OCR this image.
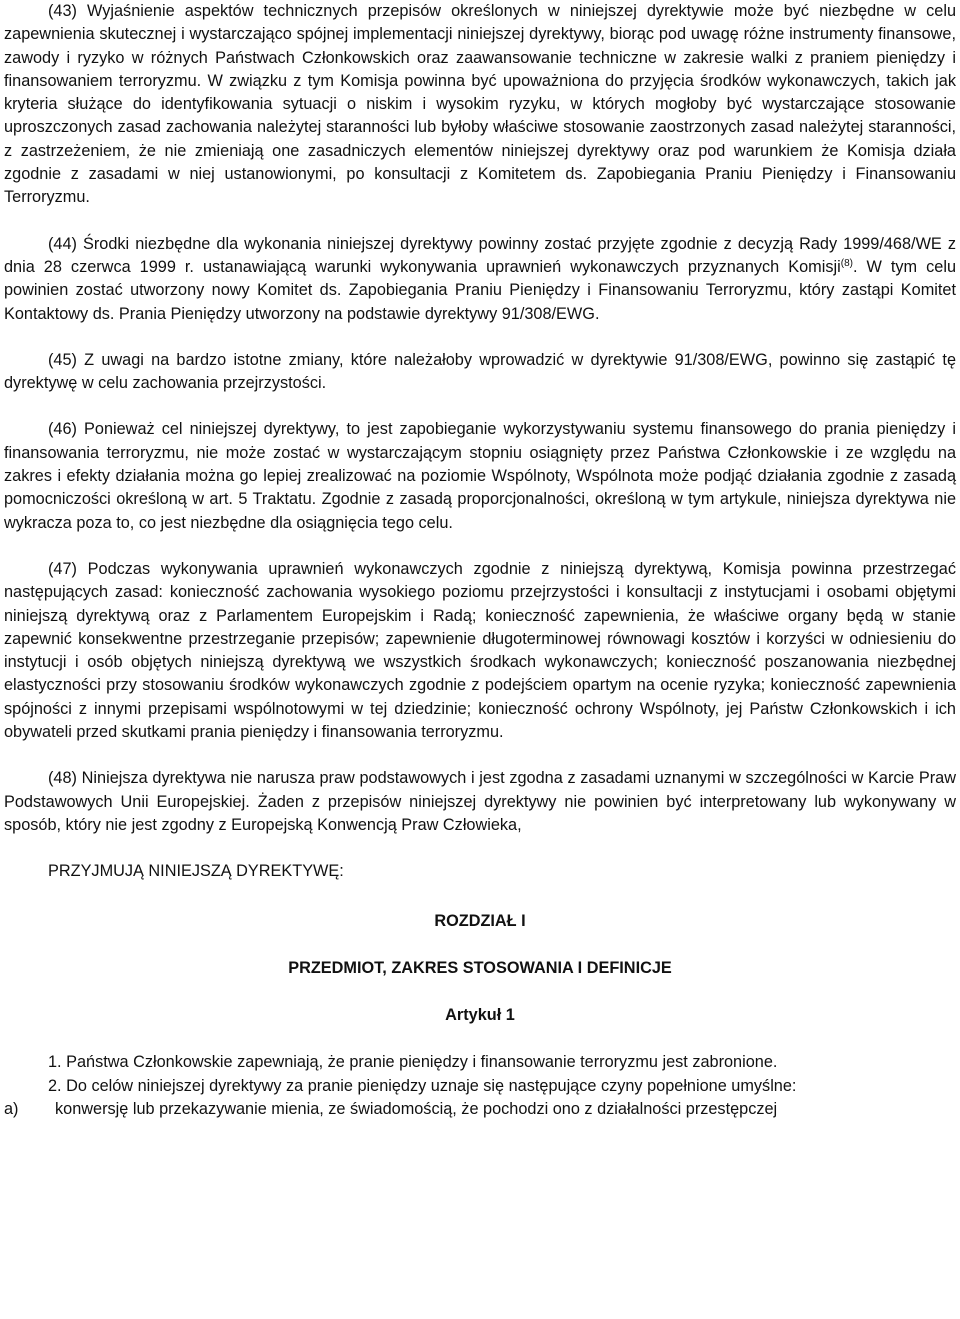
(43) Wyjaśnienie aspektów technicznych przepisów określonych w niniejszej dyrektywie może być niezbędne w celu zapewnienia skutecznej i wystarczająco spójnej implementacji niniejszej dyrektywy, biorąc pod uwagę różne instrumenty finansowe, zawody i ryzyko w różnych Państwach Członkowskich oraz zaawansowanie techniczne w zakresie walki z praniem pieniędzy i finansowaniem terroryzmu. W związku z tym Komisja powinna być upoważniona do przyjęcia środków wykonawczych, takich jak kryteria służące do identyfikowania sytuacji o niskim i wysokim ryzyku, w których mogłoby być wystarczające stosowanie uproszczonych zasad zachowania należytej staranności lub byłoby właściwe stosowanie zaostrzonych zasad należytej staranności, z zastrzeżeniem, że nie zmieniają one zasadniczych elementów niniejszej dyrektywy oraz pod warunkiem że Komisja działa zgodnie z zasadami w niej ustanowionymi, po konsultacji z Komitetem ds. Zapobiegania Praniu Pieniędzy i Finansowaniu Terroryzmu.

(44) Środki niezbędne dla wykonania niniejszej dyrektywy powinny zostać przyjęte zgodnie z decyzją Rady 1999/468/WE z dnia 28 czerwca 1999 r. ustanawiającą warunki wykonywania uprawnień wykonawczych przyznanych Komisji$^{(8)}$. W tym celu powinien zostać utworzony nowy Komitet ds. Zapobiegania Praniu Pieniędzy i Finansowaniu Terroryzmu, który zastąpi Komitet Kontaktowy ds. Prania Pieniędzy utworzony na podstawie dyrektywy 91/308/EWG.

(45) Z uwagi na bardzo istotne zmiany, które należałoby wprowadzić w dyrektywie 91/308/EWG, powinno się zastąpić tę dyrektywę w celu zachowania przejrzystości.

(46) Ponieważ cel niniejszej dyrektywy, to jest zapobieganie wykorzystywaniu systemu finansowego do prania pieniędzy i finansowania terroryzmu, nie może zostać w wystarczającym stopniu osiągnięty przez Państwa Członkowskie i ze względu na zakres i efekty działania można go lepiej zrealizować na poziomie Wspólnoty, Wspólnota może podjąć działania zgodnie z zasadą pomocniczości określoną w art. 5 Traktatu. Zgodnie z zasadą proporcjonalności, określoną w tym artykule, niniejsza dyrektywa nie wykracza poza to, co jest niezbędne dla osiągnięcia tego celu.

(47) Podczas wykonywania uprawnień wykonawczych zgodnie z niniejszą dyrektywą, Komisja powinna przestrzegać następujących zasad: konieczność zachowania wysokiego poziomu przejrzystości i konsultacji z instytucjami i osobami objętymi niniejszą dyrektywą oraz z Parlamentem Europejskim i Radą; konieczność zapewnienia, że właściwe organy będą w stanie zapewnić konsekwentne przestrzeganie przepisów; zapewnienie długoterminowej równowagi kosztów i korzyści w odniesieniu do instytucji i osób objętych niniejszą dyrektywą we wszystkich środkach wykonawczych; konieczność poszanowania niezbędnej elastyczności przy stosowaniu środków wykonawczych zgodnie z podejściem opartym na ocenie ryzyka; konieczność zapewnienia spójności z innymi przepisami wspólnotowymi w tej dziedzinie; konieczność ochrony Wspólnoty, jej Państw Członkowskich i ich obywateli przed skutkami prania pieniędzy i finansowania terroryzmu.

(48) Niniejsza dyrektywa nie narusza praw podstawowych i jest zgodna z zasadami uznanymi w szczególności w Karcie Praw Podstawowych Unii Europejskiej. Żaden z przepisów niniejszej dyrektywy nie powinien być interpretowany lub wykonywany w sposób, który nie jest zgodny z Europejską Konwencją Praw Człowieka,

PRZYJMUJĄ NINIEJSZĄ DYREKTYWĘ:

ROZDZIAŁ I

PRZEDMIOT, ZAKRES STOSOWANIA I DEFINICJE

Artykuł 1

1. Państwa Członkowskie zapewniają, że pranie pieniędzy i finansowanie terroryzmu jest zabronione.

2. Do celów niniejszej dyrektywy za pranie pieniędzy uznaje się następujące czyny popełnione umyślne:

a)	konwersję lub przekazywanie mienia, ze świadomością, że pochodzi ono z działalności przestępczej
